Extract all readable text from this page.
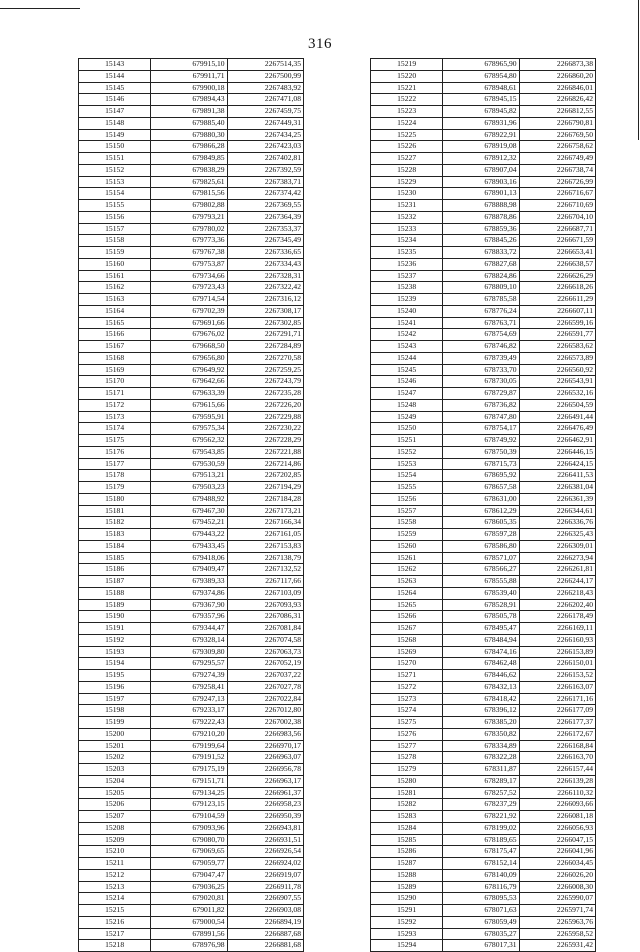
316
15143	679915,10	2267514,35
15144	679911,71	2267500,99
15145	679900,18	2267483,92
15146	679894,43	2267471,08
15147	679891,38	2267459,75
15148	679885,40	2267449,31
15149	679880,30	2267434,25
15150	679866,28	2267423,03
15151	679849,85	2267402,81
15152	679838,29	2267392,59
15153	679825,61	2267383,71
15154	679815,56	2267374,42
15155	679802,88	2267369,55
15156	679793,21	2267364,39
15157	679780,02	2267353,37
15158	679773,36	2267345,49
15159	679767,38	2267336,65
15160	679753,87	2267334,43
15161	679734,66	2267328,31
15162	679723,43	2267322,42
15163	679714,54	2267316,12
15164	679702,39	2267308,17
15165	679691,66	2267302,85
15166	679676,02	2267291,71
15167	679668,50	2267284,89
15168	679656,80	2267270,58
15169	679649,92	2267259,25
15170	679642,66	2267243,79
15171	679633,39	2267235,28
15172	679615,66	2267226,20
15173	679595,91	2267229,88
15174	679575,34	2267230,22
15175	679562,32	2267228,29
15176	679543,85	2267221,88
15177	679530,59	2267214,86
15178	679513,21	2267202,85
15179	679503,23	2267194,29
15180	679488,92	2267184,28
15181	679467,30	2267173,21
15182	679452,21	2267166,34
15183	679443,22	2267161,05
15184	679433,45	2267153,83
15185	679418,06	2267138,79
15186	679409,47	2267132,52
15187	679389,33	2267117,66
15188	679374,86	2267103,09
15189	679367,90	2267093,93
15190	679357,96	2267086,31
15191	679344,47	2267081,84
15192	679328,14	2267074,58
15193	679309,80	2267063,73
15194	679295,57	2267052,19
15195	679274,39	2267037,22
15196	679258,41	2267027,78
15197	679247,13	2267022,84
15198	679233,17	2267012,80
15199	679222,43	2267002,38
15200	679210,20	2266983,56
15201	679199,64	2266970,17
15202	679191,52	2266963,07
15203	679175,19	2266956,78
15204	679151,71	2266963,17
15205	679134,25	2266961,37
15206	679123,15	2266958,23
15207	679104,59	2266950,39
15208	679093,96	2266943,81
15209	679080,70	2266931,51
15210	679069,65	2266926,54
15211	679059,77	2266924,02
15212	679047,47	2266919,07
15213	679036,25	2266911,78
15214	679020,81	2266907,55
15215	679011,82	2266903,08
15216	679000,54	2266894,19
15217	678991,56	2266887,68
15218	678976,98	2266881,68
15219	678965,90	2266873,38
15220	678954,80	2266860,20
15221	678948,61	2266846,01
15222	678945,15	2266826,42
15223	678945,82	2266812,55
15224	678931,96	2266790,81
15225	678922,91	2266769,50
15226	678919,08	2266758,62
15227	678912,32	2266749,49
15228	678907,04	2266738,74
15229	678903,16	2266726,99
15230	678901,13	2266716,67
15231	678888,98	2266710,69
15232	678878,86	2266704,10
15233	678859,36	2266687,71
15234	678845,26	2266671,59
15235	678833,72	2266653,41
15236	678827,68	2266638,57
15237	678824,86	2266626,29
15238	678809,10	2266618,26
15239	678785,58	2266611,29
15240	678776,24	2266607,11
15241	678763,71	2266599,16
15242	678754,69	2266591,77
15243	678746,82	2266583,62
15244	678739,49	2266573,89
15245	678733,70	2266560,92
15246	678730,05	2266543,91
15247	678729,87	2266532,16
15248	678736,82	2266504,59
15249	678747,80	2266491,44
15250	678754,17	2266476,49
15251	678749,92	2266462,91
15252	678750,39	2266446,15
15253	678715,73	2266424,15
15254	678695,92	2266411,53
15255	678657,58	2266381,04
15256	678631,00	2266361,39
15257	678612,29	2266344,61
15258	678605,35	2266336,76
15259	678597,28	2266325,43
15260	678586,80	2266309,01
15261	678571,07	2266273,94
15262	678566,27	2266261,81
15263	678555,88	2266244,17
15264	678539,40	2266218,43
15265	678528,91	2266202,40
15266	678505,78	2266178,49
15267	678495,47	2266169,11
15268	678484,94	2266160,93
15269	678474,16	2266153,89
15270	678462,48	2266150,01
15271	678446,62	2266153,52
15272	678432,13	2266163,07
15273	678418,42	2266171,16
15274	678396,12	2266177,09
15275	678385,20	2266177,37
15276	678350,82	2266172,67
15277	678334,89	2266168,84
15278	678322,28	2266163,70
15279	678311,87	2266157,44
15280	678289,17	2266139,28
15281	678257,52	2266110,32
15282	678237,29	2266093,66
15283	678221,92	2266081,18
15284	678199,02	2266056,93
15285	678189,65	2266047,15
15286	678175,47	2266041,96
15287	678152,14	2266034,45
15288	678140,09	2266026,20
15289	678116,79	2266008,30
15290	678095,53	2265990,07
15291	678071,63	2265971,74
15292	678059,49	2265963,76
15293	678035,27	2265958,52
15294	678017,31	2265931,42
